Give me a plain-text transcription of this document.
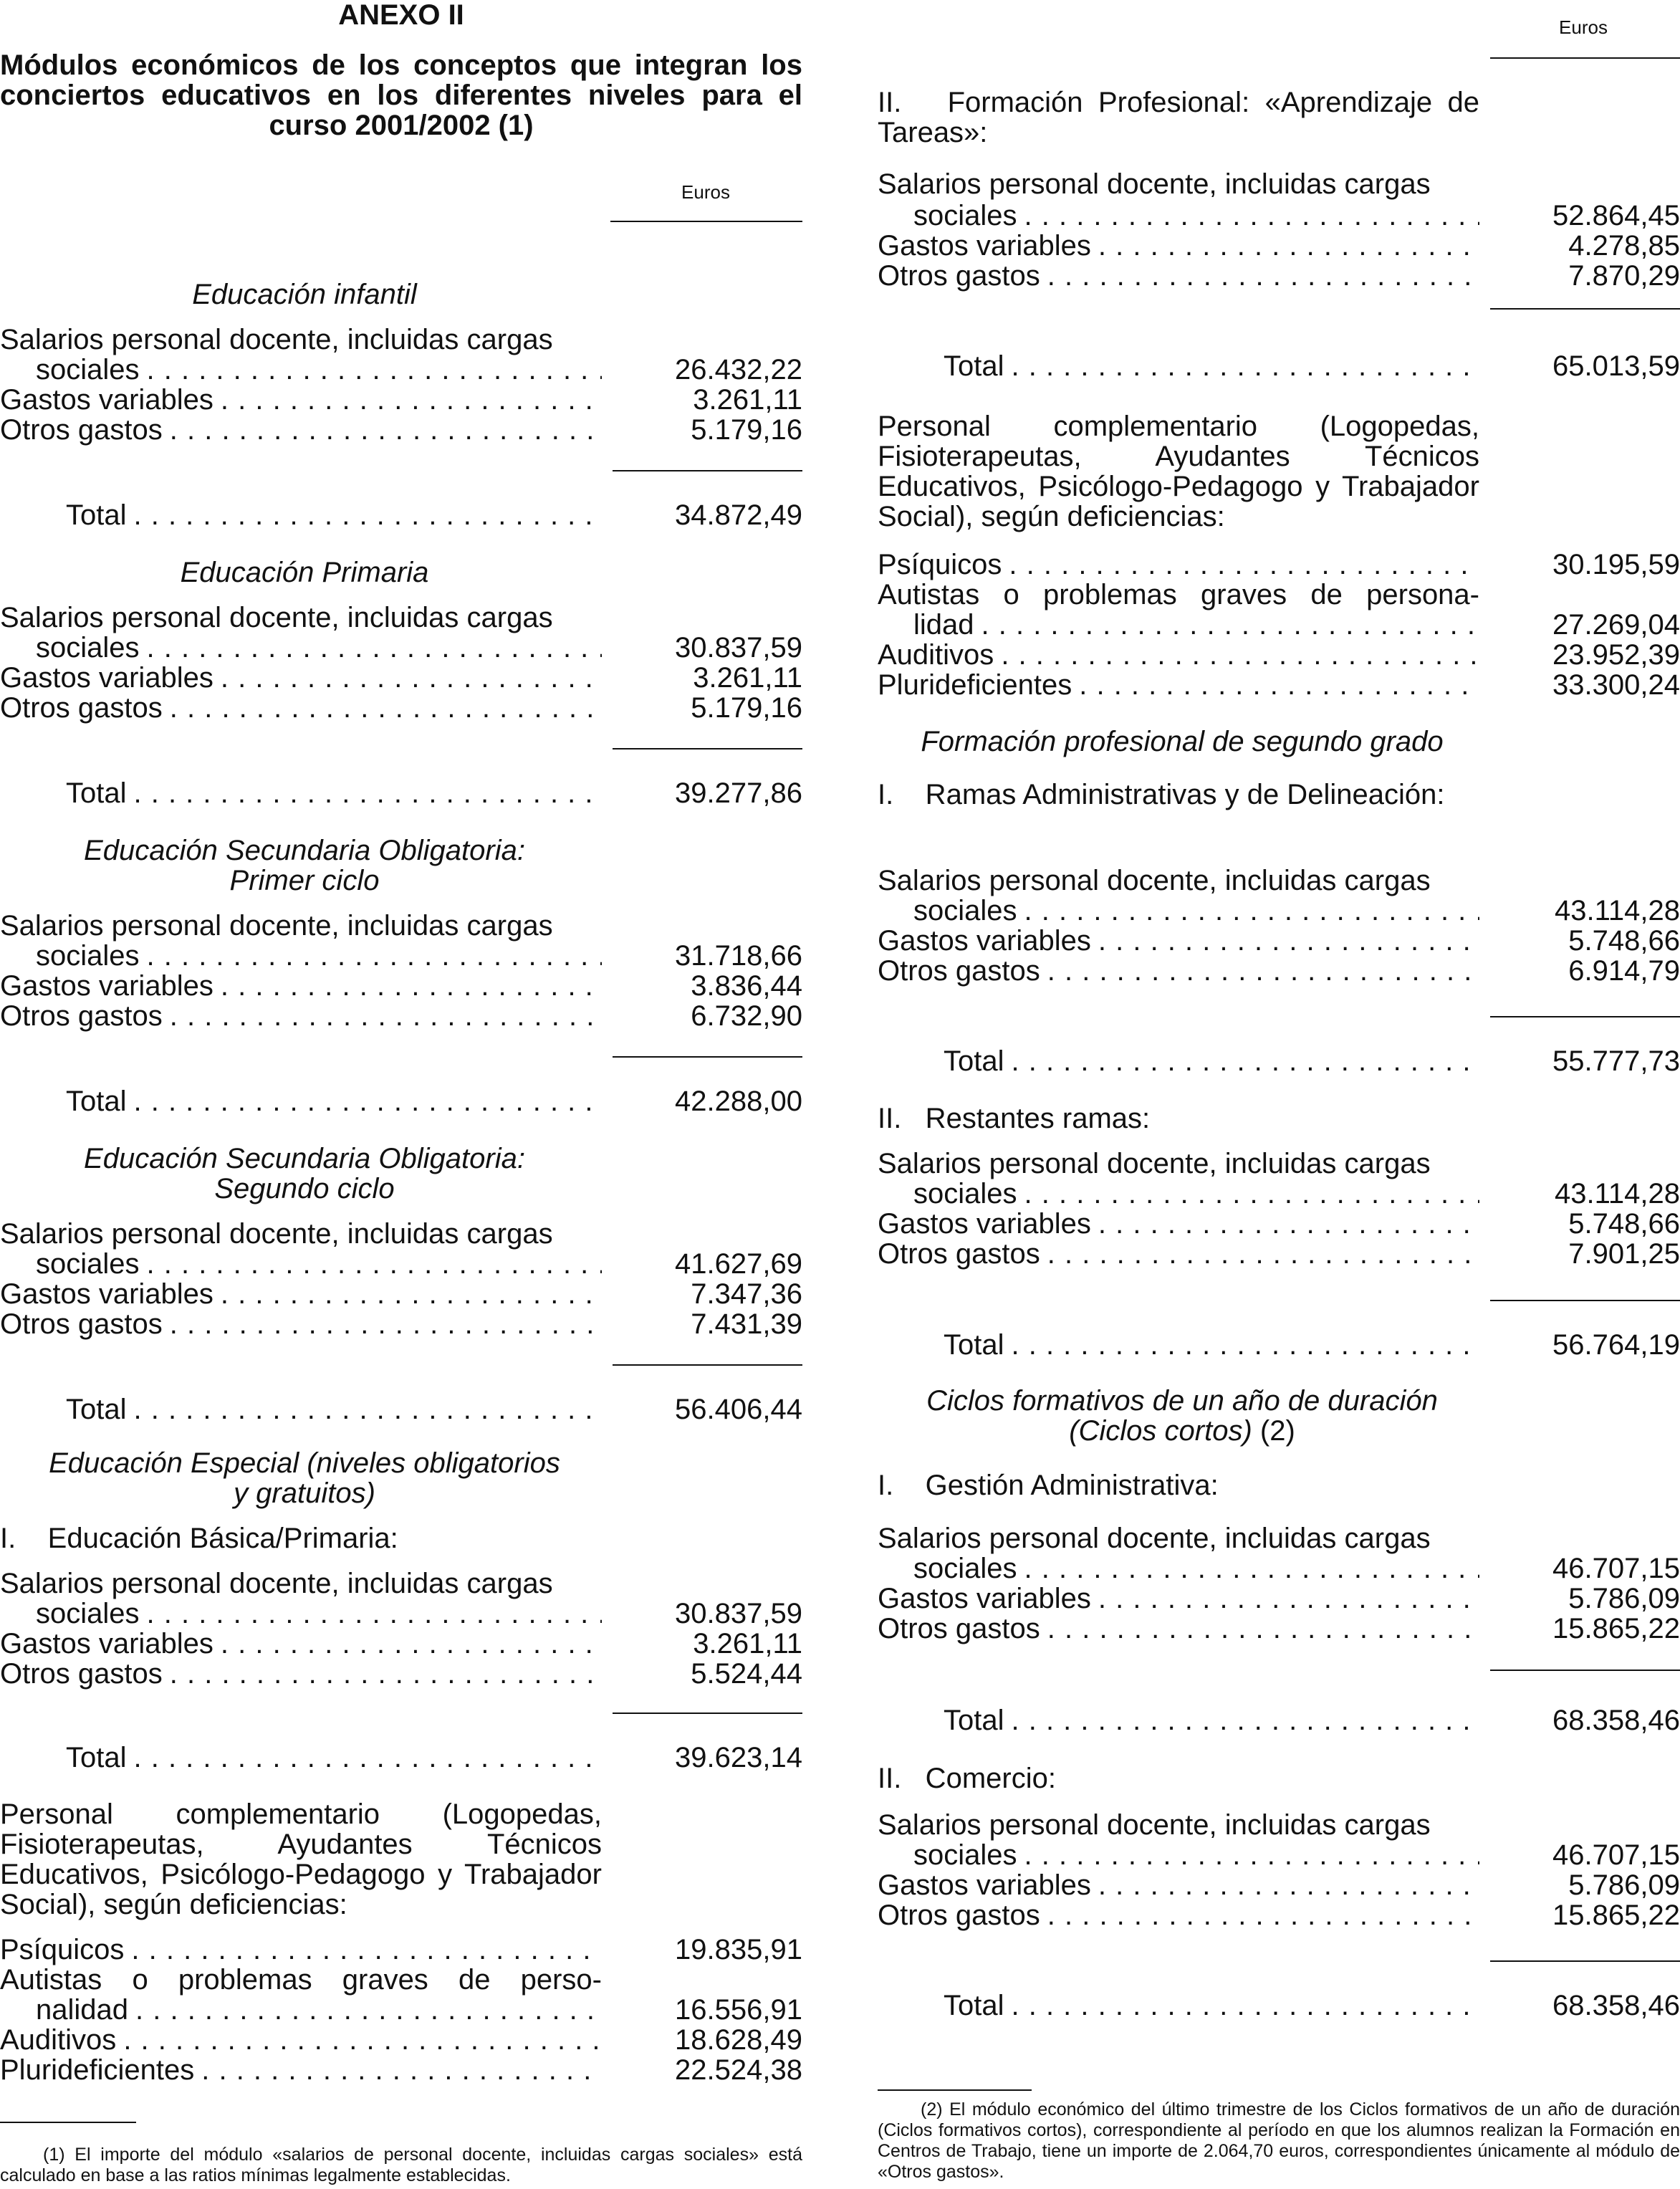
ANEXO II
Módulos económicos de los conceptos que integran los conciertos educativos en los diferentes niveles para el curso 2001/2002 (1)
Euros
Educación infantil
Salarios personal docente, incluidas cargas
sociales . . .	26.432,22
Gastos variables . . .	3.261,11
Otros gastos . . .	5.179,16
Total . . .	34.872,49
Educación Primaria
Salarios personal docente, incluidas cargas
sociales . . .	30.837,59
Gastos variables . . .	3.261,11
Otros gastos . . .	5.179,16
Total . . .	39.277,86
Educación Secundaria Obligatoria:
Primer ciclo
Salarios personal docente, incluidas cargas
sociales . . .	31.718,66
Gastos variables . . .	3.836,44
Otros gastos . . .	6.732,90
Total . . .	42.288,00
Educación Secundaria Obligatoria:
Segundo ciclo
Salarios personal docente, incluidas cargas
sociales . . .	41.627,69
Gastos variables . . .	7.347,36
Otros gastos . . .	7.431,39
Total . . .	56.406,44
Educación Especial (niveles obligatorios
y gratuitos)
I.    Educación Básica/Primaria:
Salarios personal docente, incluidas cargas
sociales . . .	30.837,59
Gastos variables . . .	3.261,11
Otros gastos . . .	5.524,44
Total . . .	39.623,14
Personal complementario (Logopedas, Fisioterapeutas, Ayudantes Técnicos Educativos, Psicólogo-Pedagogo y Trabajador Social), según deficiencias:
Psíquicos . . .	19.835,91
Autistas o problemas graves de perso-
nalidad . . .	16.556,91
Auditivos . . .	18.628,49
Plurideficientes . . .	22.524,38
(1) El importe del módulo «salarios de personal docente, incluidas cargas sociales» está calculado en base a las ratios mínimas legalmente establecidas.
Euros
II.   Formación Profesional: «Aprendizaje de Tareas»:
Salarios personal docente, incluidas cargas
sociales . . .	52.864,45
Gastos variables . . .	4.278,85
Otros gastos . . .	7.870,29
Total . . .	65.013,59
Personal complementario (Logopedas, Fisioterapeutas, Ayudantes Técnicos Educativos, Psicólogo-Pedagogo y Trabajador Social), según deficiencias:
Psíquicos . . .	30.195,59
Autistas o problemas graves de persona-
lidad . . .	27.269,04
Auditivos . . .	23.952,39
Plurideficientes . . .	33.300,24
Formación profesional de segundo grado
I.    Ramas Administrativas y de Delineación:
Salarios personal docente, incluidas cargas
sociales . . .	43.114,28
Gastos variables . . .	5.748,66
Otros gastos . . .	6.914,79
Total . . .	55.777,73
II.   Restantes ramas:
Salarios personal docente, incluidas cargas
sociales . . .	43.114,28
Gastos variables . . .	5.748,66
Otros gastos . . .	7.901,25
Total . . .	56.764,19
Ciclos formativos de un año de duración
(Ciclos cortos) (2)
I.    Gestión Administrativa:
Salarios personal docente, incluidas cargas
sociales . . .	46.707,15
Gastos variables . . .	5.786,09
Otros gastos . . .	15.865,22
Total . . .	68.358,46
II.   Comercio:
Salarios personal docente, incluidas cargas
sociales . . .	46.707,15
Gastos variables . . .	5.786,09
Otros gastos . . .	15.865,22
Total . . .	68.358,46
(2) El módulo económico del último trimestre de los Ciclos formativos de un año de duración (Ciclos formativos cortos), correspondiente al período en que los alumnos realizan la Formación en Centros de Trabajo, tiene un importe de 2.064,70 euros, correspondientes únicamente al módulo de «Otros gastos».
